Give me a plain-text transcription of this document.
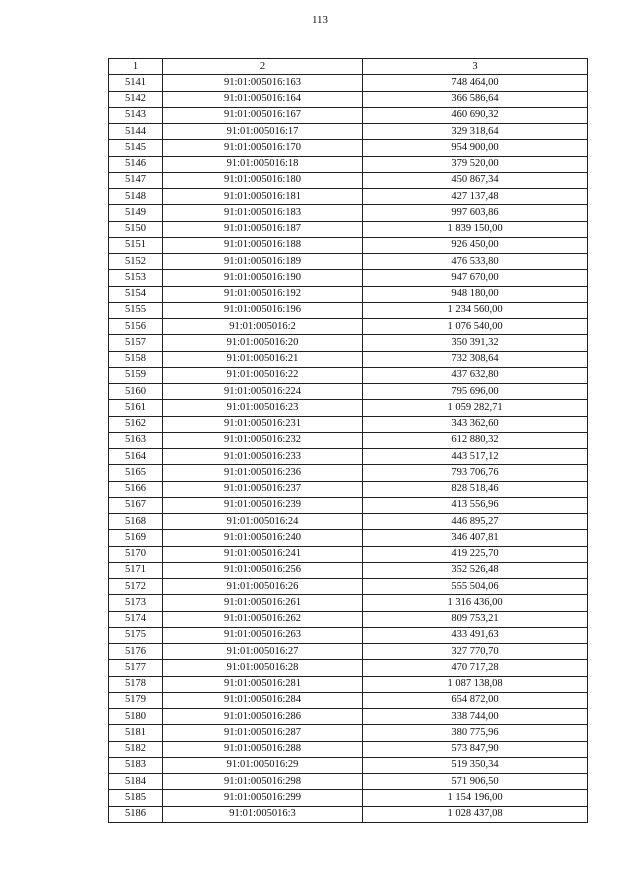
113
1	2	3
5141	91:01:005016:163	748 464,00
5142	91:01:005016:164	366 586,64
5143	91:01:005016:167	460 690,32
5144	91:01:005016:17	329 318,64
5145	91:01:005016:170	954 900,00
5146	91:01:005016:18	379 520,00
5147	91:01:005016:180	450 867,34
5148	91:01:005016:181	427 137,48
5149	91:01:005016:183	997 603,86
5150	91:01:005016:187	1 839 150,00
5151	91:01:005016:188	926 450,00
5152	91:01:005016:189	476 533,80
5153	91:01:005016:190	947 670,00
5154	91:01:005016:192	948 180,00
5155	91:01:005016:196	1 234 560,00
5156	91:01:005016:2	1 076 540,00
5157	91:01:005016:20	350 391,32
5158	91:01:005016:21	732 308,64
5159	91:01:005016:22	437 632,80
5160	91:01:005016:224	795 696,00
5161	91:01:005016:23	1 059 282,71
5162	91:01:005016:231	343 362,60
5163	91:01:005016:232	612 880,32
5164	91:01:005016:233	443 517,12
5165	91:01:005016:236	793 706,76
5166	91:01:005016:237	828 518,46
5167	91:01:005016:239	413 556,96
5168	91:01:005016:24	446 895,27
5169	91:01:005016:240	346 407,81
5170	91:01:005016:241	419 225,70
5171	91:01:005016:256	352 526,48
5172	91:01:005016:26	555 504,06
5173	91:01:005016:261	1 316 436,00
5174	91:01:005016:262	809 753,21
5175	91:01:005016:263	433 491,63
5176	91:01:005016:27	327 770,70
5177	91:01:005016:28	470 717,28
5178	91:01:005016:281	1 087 138,08
5179	91:01:005016:284	654 872,00
5180	91:01:005016:286	338 744,00
5181	91:01:005016:287	380 775,96
5182	91:01:005016:288	573 847,90
5183	91:01:005016:29	519 350,34
5184	91:01:005016:298	571 906,50
5185	91:01:005016:299	1 154 196,00
5186	91:01:005016:3	1 028 437,08
